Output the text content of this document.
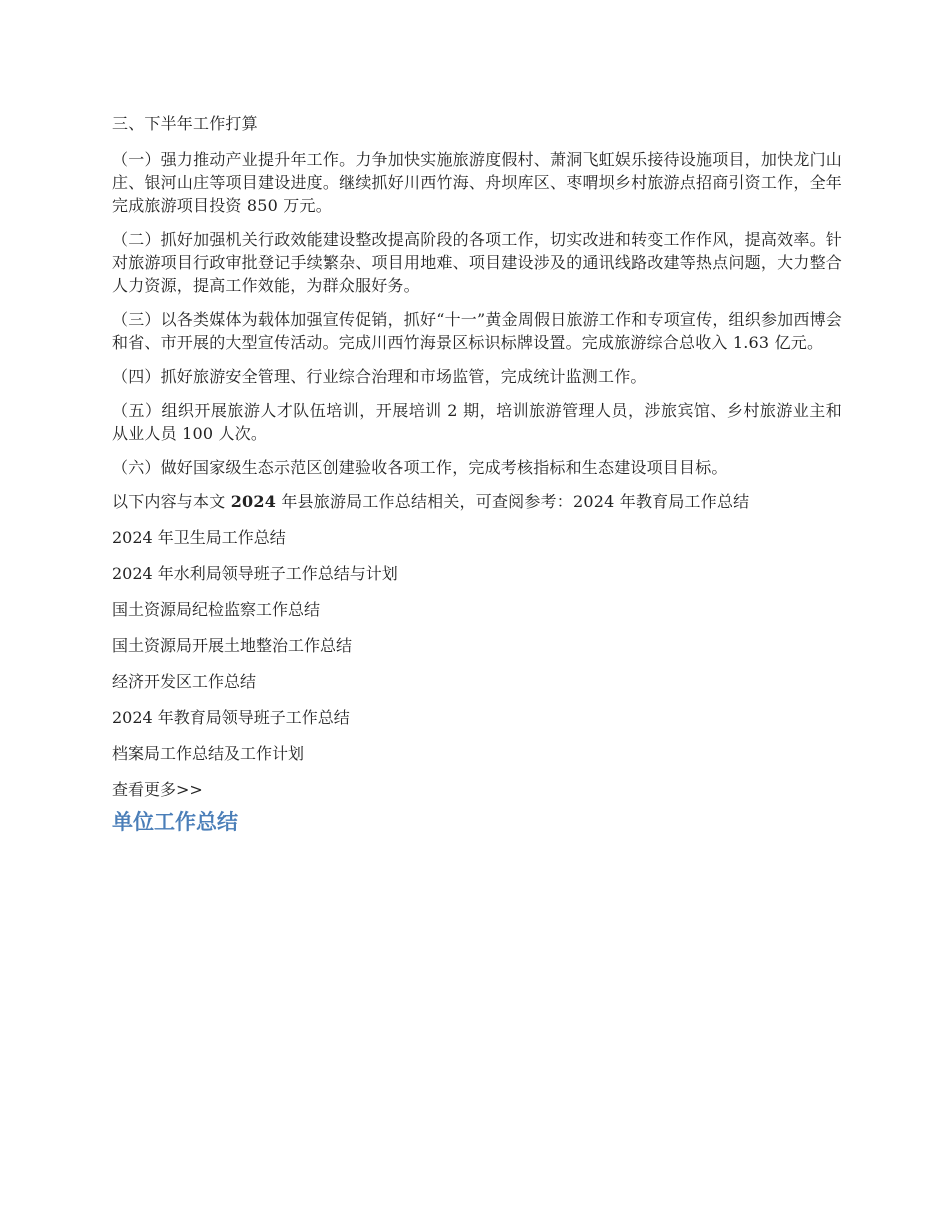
三、下半年工作打算

（一）强力推动产业提升年工作。力争加快实施旅游度假村、萧洞飞虹娱乐接待设施项目，加快龙门山庄、银河山庄等项目建设进度。继续抓好川西竹海、舟坝库区、枣喟坝乡村旅游点招商引资工作，全年完成旅游项目投资 850 万元。

（二）抓好加强机关行政效能建设整改提高阶段的各项工作，切实改进和转变工作作风，提高效率。针对旅游项目行政审批登记手续繁杂、项目用地难、项目建设涉及的通讯线路改建等热点问题，大力整合人力资源，提高工作效能，为群众服好务。

（三）以各类媒体为载体加强宣传促销，抓好“十一”黄金周假日旅游工作和专项宣传，组织参加西博会和省、市开展的大型宣传活动。完成川西竹海景区标识标牌设置。完成旅游综合总收入 1.63 亿元。

（四）抓好旅游安全管理、行业综合治理和市场监管，完成统计监测工作。

（五）组织开展旅游人才队伍培训，开展培训 2 期，培训旅游管理人员，涉旅宾馆、乡村旅游业主和从业人员 100 人次。

（六）做好国家级生态示范区创建验收各项工作，完成考核指标和生态建设项目目标。

以下内容与本文 2024 年县旅游局工作总结相关，可查阅参考：2024 年教育局工作总结

2024 年卫生局工作总结

2024 年水利局领导班子工作总结与计划

国土资源局纪检监察工作总结

国土资源局开展土地整治工作总结

经济开发区工作总结

2024 年教育局领导班子工作总结

档案局工作总结及工作计划

查看更多>>

单位工作总结
